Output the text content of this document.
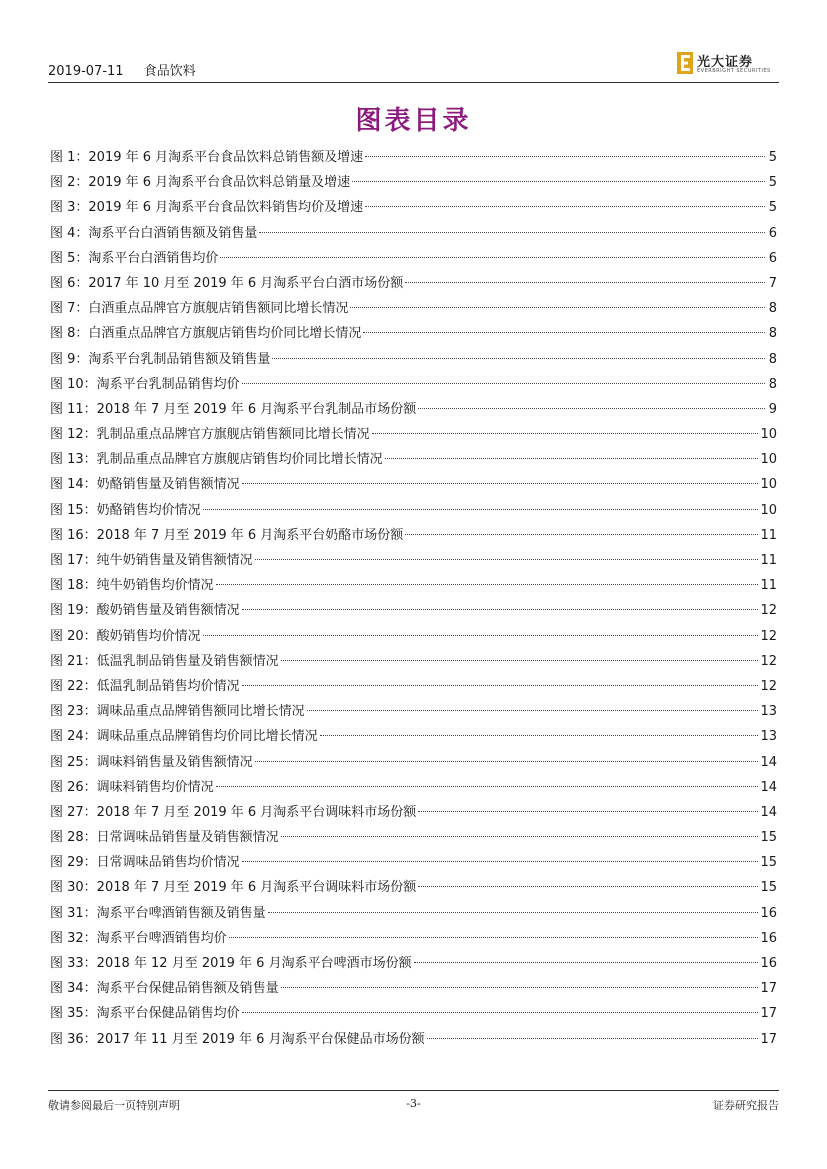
2019-07-11 食品饮料
光大证券
EVERBRIGHT SECURITIES
图表目录
图 1：2019 年 6 月淘系平台食品饮料总销售额及增速	5
图 2：2019 年 6 月淘系平台食品饮料总销量及增速	5
图 3：2019 年 6 月淘系平台食品饮料销售均价及增速	5
图 4：淘系平台白酒销售额及销售量	6
图 5：淘系平台白酒销售均价	6
图 6：2017 年 10 月至 2019 年 6 月淘系平台白酒市场份额	7
图 7：白酒重点品牌官方旗舰店销售额同比增长情况	8
图 8：白酒重点品牌官方旗舰店销售均价同比增长情况	8
图 9：淘系平台乳制品销售额及销售量	8
图 10：淘系平台乳制品销售均价	8
图 11：2018 年 7 月至 2019 年 6 月淘系平台乳制品市场份额	9
图 12：乳制品重点品牌官方旗舰店销售额同比增长情况	10
图 13：乳制品重点品牌官方旗舰店销售均价同比增长情况	10
图 14：奶酪销售量及销售额情况	10
图 15：奶酪销售均价情况	10
图 16：2018 年 7 月至 2019 年 6 月淘系平台奶酪市场份额	11
图 17：纯牛奶销售量及销售额情况	11
图 18：纯牛奶销售均价情况	11
图 19：酸奶销售量及销售额情况	12
图 20：酸奶销售均价情况	12
图 21：低温乳制品销售量及销售额情况	12
图 22：低温乳制品销售均价情况	12
图 23：调味品重点品牌销售额同比增长情况	13
图 24：调味品重点品牌销售均价同比增长情况	13
图 25：调味料销售量及销售额情况	14
图 26：调味料销售均价情况	14
图 27：2018 年 7 月至 2019 年 6 月淘系平台调味料市场份额	14
图 28：日常调味品销售量及销售额情况	15
图 29：日常调味品销售均价情况	15
图 30：2018 年 7 月至 2019 年 6 月淘系平台调味料市场份额	15
图 31：淘系平台啤酒销售额及销售量	16
图 32：淘系平台啤酒销售均价	16
图 33：2018 年 12 月至 2019 年 6 月淘系平台啤酒市场份额	16
图 34：淘系平台保健品销售额及销售量	17
图 35：淘系平台保健品销售均价	17
图 36：2017 年 11 月至 2019 年 6 月淘系平台保健品市场份额	17
敬请参阅最后一页特别声明	-3-	证券研究报告
